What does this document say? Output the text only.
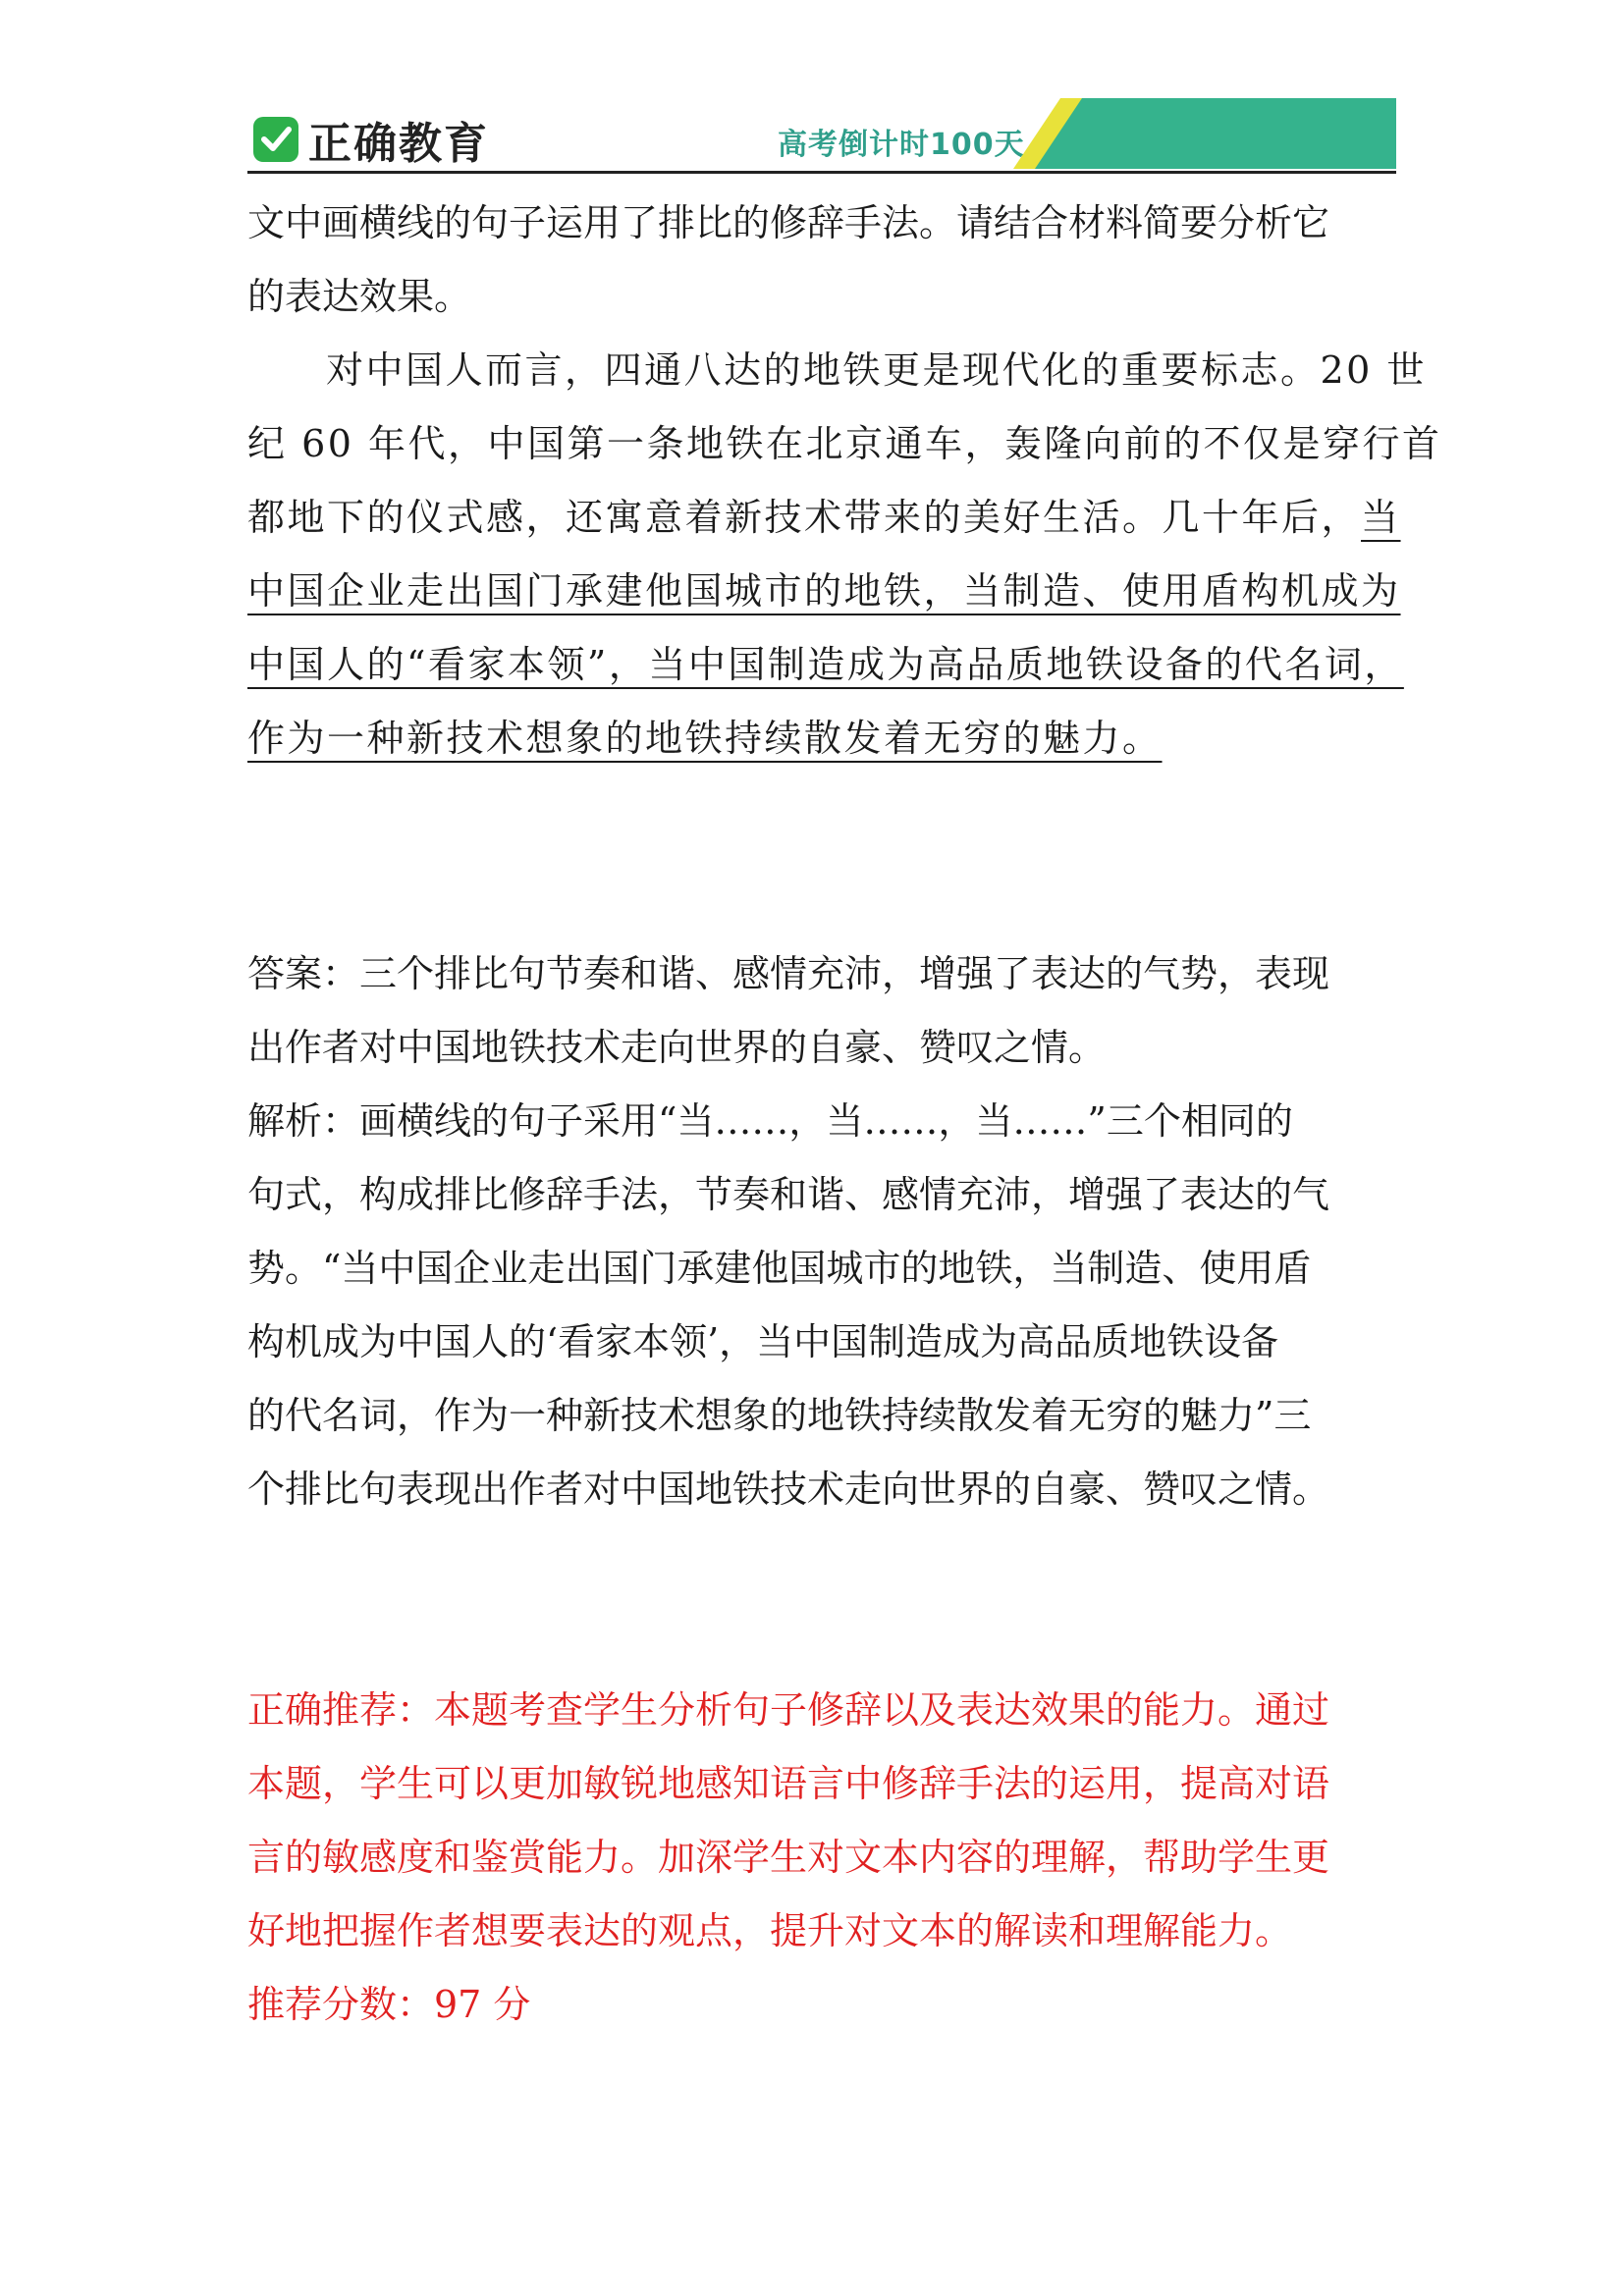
正确教育	高考倒计时100天
每日一题
文中画横线的句子运用了排比的修辞手法。请结合材料简要分析它
的表达效果。
对中国人而言，四通八达的地铁更是现代化的重要标志。20 世
纪 60 年代，中国第一条地铁在北京通车，轰隆向前的不仅是穿行首
都地下的仪式感，还寓意着新技术带来的美好生活。几十年后，当
中国企业走出国门承建他国城市的地铁，当制造、使用盾构机成为
中国人的“看家本领”，当中国制造成为高品质地铁设备的代名词，
作为一种新技术想象的地铁持续散发着无穷的魅力。
答案：三个排比句节奏和谐、感情充沛，增强了表达的气势，表现
出作者对中国地铁技术走向世界的自豪、赞叹之情。
解析：画横线的句子采用“当……，当……，当……”三个相同的
句式，构成排比修辞手法，节奏和谐、感情充沛，增强了表达的气
势。“当中国企业走出国门承建他国城市的地铁，当制造、使用盾
构机成为中国人的‘看家本领’，当中国制造成为高品质地铁设备
的代名词，作为一种新技术想象的地铁持续散发着无穷的魅力”三
个排比句表现出作者对中国地铁技术走向世界的自豪、赞叹之情。
正确推荐：本题考查学生分析句子修辞以及表达效果的能力。通过
本题，学生可以更加敏锐地感知语言中修辞手法的运用，提高对语
言的敏感度和鉴赏能力。加深学生对文本内容的理解，帮助学生更
好地把握作者想要表达的观点，提升对文本的解读和理解能力。
推荐分数：97 分
